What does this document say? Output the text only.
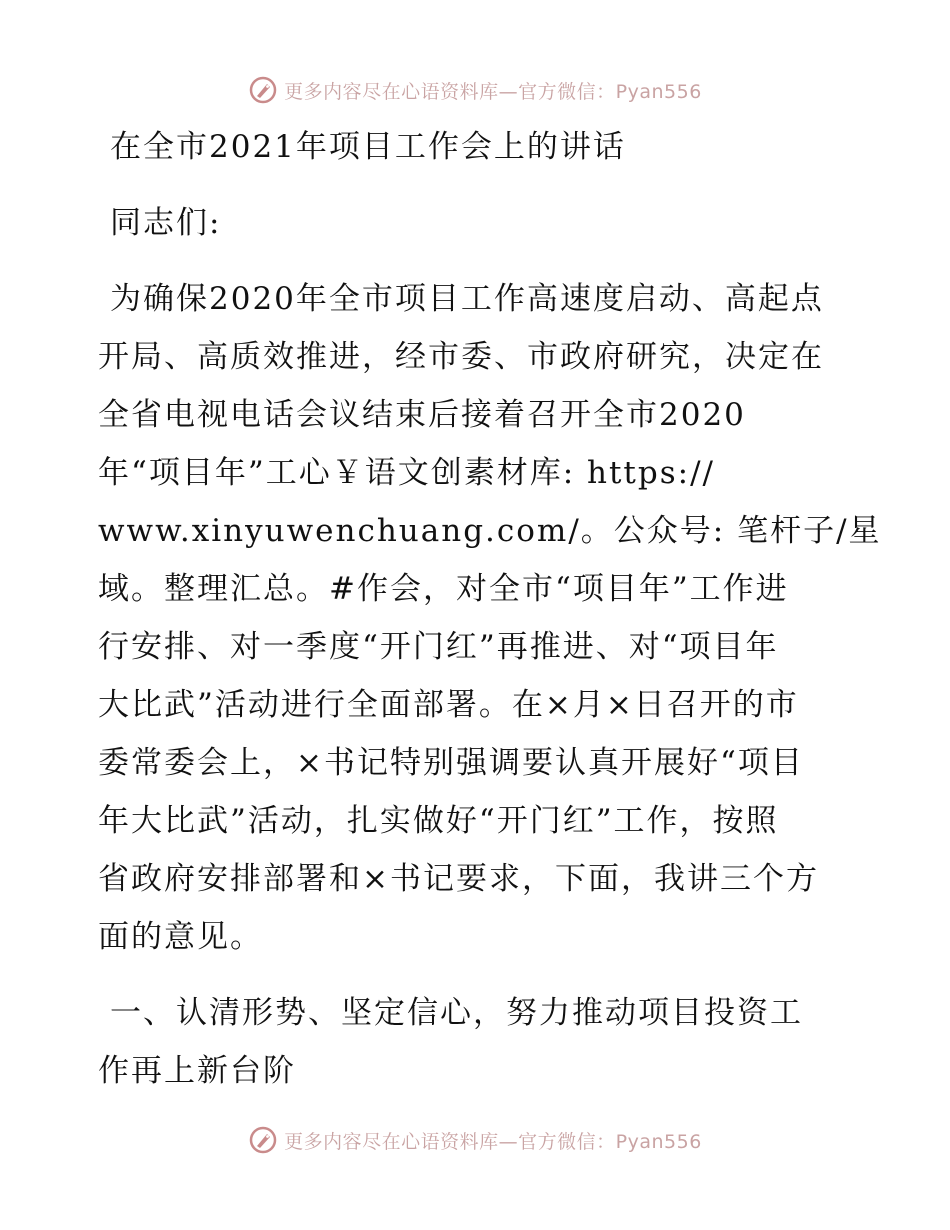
更多内容尽在心语资料库—官方微信：Pyan556
在全市2021年项目工作会上的讲话
同志们:
为确保2020年全市项目工作高速度启动、高起点
开局、高质效推进，经市委、市政府研究，决定在
全省电视电话会议结束后接着召开全市2020
年“项目年”工心￥语文创素材库: https://
www.xinyuwenchuang.com/。公众号: 笔杆子/星
域。整理汇总。#作会，对全市“项目年”工作进
行安排、对一季度“开门红”再推进、对“项目年
大比武”活动进行全面部署。在×月×日召开的市
委常委会上，×书记特别强调要认真开展好“项目
年大比武”活动，扎实做好“开门红”工作，按照
省政府安排部署和×书记要求，下面，我讲三个方
面的意见。
一、认清形势、坚定信心，努力推动项目投资工
作再上新台阶
更多内容尽在心语资料库—官方微信：Pyan556
